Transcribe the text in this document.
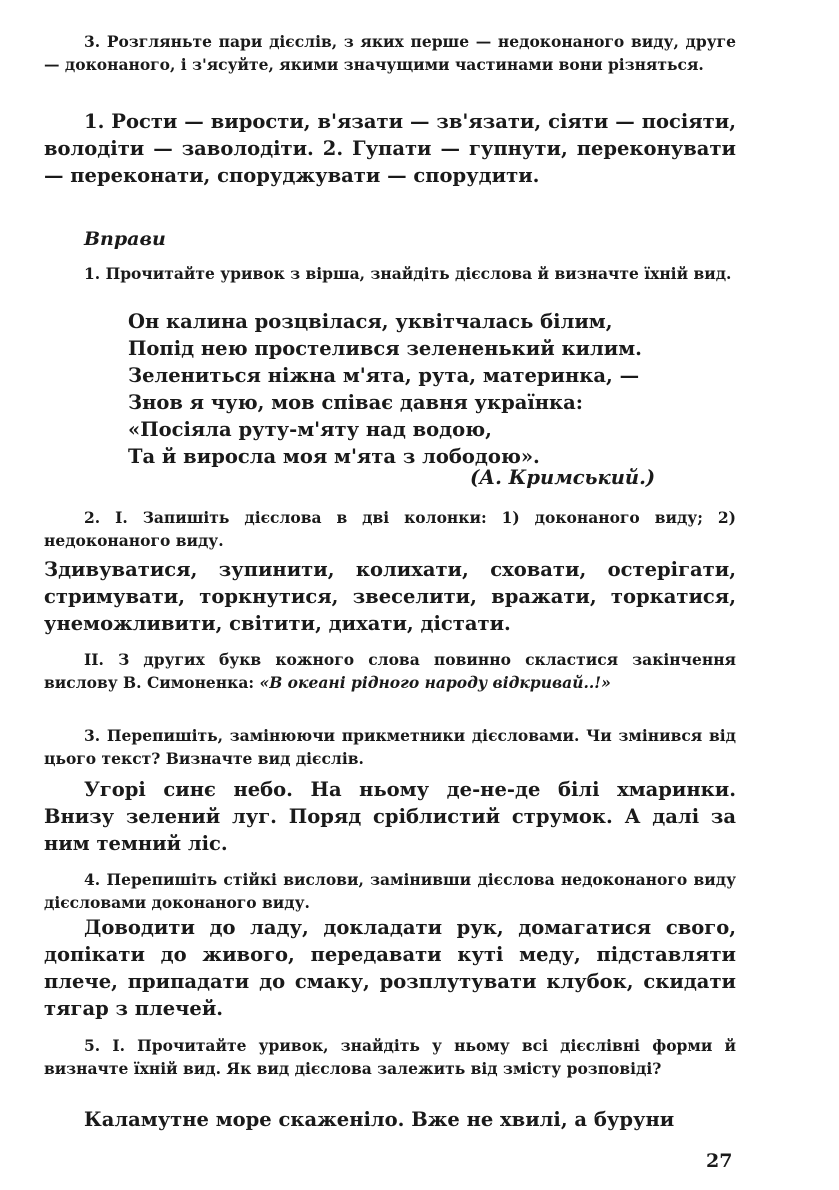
3. Розгляньте пари дієслів, з яких перше — недоконаного виду, друге — доконаного, і з'ясуйте, якими значущими частинами вони різняться.

1. Рости — вирости, в'язати — зв'язати, сіяти — посіяти, володіти — заволодіти. 2. Гупати — гупнути, переконувати — переконати, споруджувати — спорудити.

Вправи

1. Прочитайте уривок з вірша, знайдіть дієслова й визначте їхній вид.

Он калина розцвілася, уквітчалась білим,
Попід нею простелився зелененький килим.
Зелениться ніжна м'ята, рута, материнка, —
Знов я чую, мов співає давня українка:
«Посіяла руту-м'яту над водою,
Та й виросла моя м'ята з лободою».
(А. Кримський.)

2. І. Запишіть дієслова в дві колонки: 1) доконаного виду; 2) недоконаного виду.

Здивуватися, зупинити, колихати, сховати, остерігати, стримувати, торкнутися, звеселити, вражати, торкатися, унеможливити, світити, дихати, дістати.

ІІ. З других букв кожного слова повинно скластися закінчення вислову В. Симоненка: «В океані рідного народу відкривай..!»

3. Перепишіть, замінюючи прикметники дієсловами. Чи змінився від цього текст? Визначте вид дієслів.

Угорі синє небо. На ньому де-не-де білі хмаринки. Внизу зелений луг. Поряд сріблистий струмок. А далі за ним темний ліс.

4. Перепишіть стійкі вислови, замінивши дієслова недоконаного виду дієсловами доконаного виду.

Доводити до ладу, докладати рук, домагатися свого, допікати до живого, передавати куті меду, підставляти плече, припадати до смаку, розплутувати клубок, скидати тягар з плечей.

5. І. Прочитайте уривок, знайдіть у ньому всі дієслівні форми й визначте їхній вид. Як вид дієслова залежить від змісту розповіді?

Каламутне море скаженіло. Вже не хвилі, а буруни

27
